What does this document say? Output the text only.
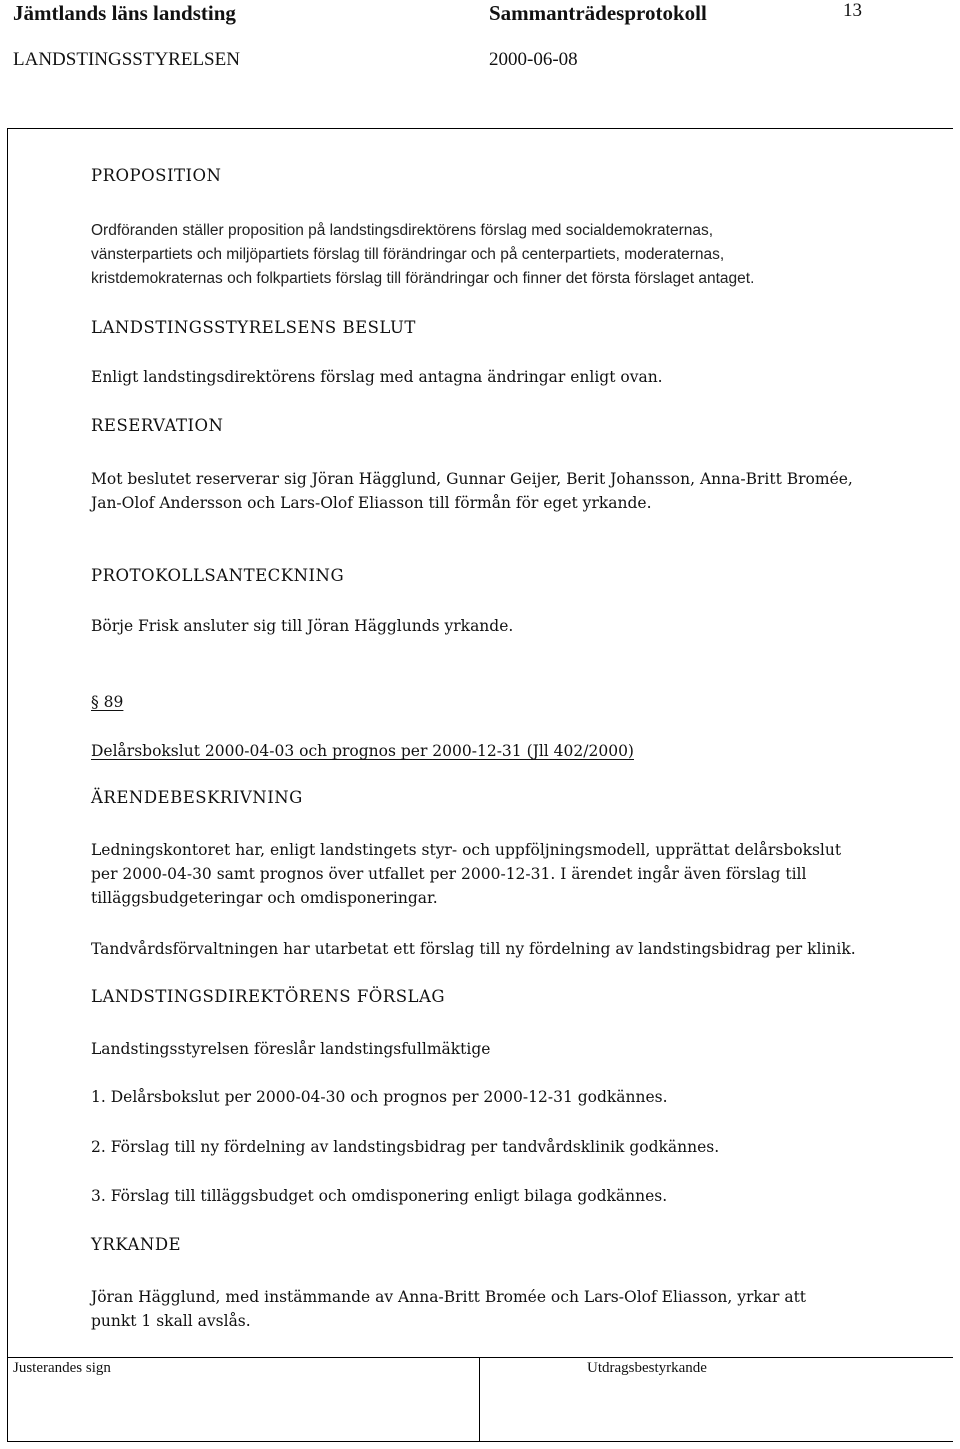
Jämtlands läns landsting	Sammanträdesprotokoll	13
LANDSTINGSSTYRELSEN	2000-06-08
PROPOSITION
Ordföranden ställer proposition på landstingsdirektörens förslag med socialdemokraternas,
vänsterpartiets och miljöpartiets förslag till förändringar och på centerpartiets, moderaternas,
kristdemokraternas och folkpartiets förslag till förändringar och finner det första förslaget antaget.
LANDSTINGSSTYRELSENS BESLUT
Enligt landstingsdirektörens förslag med antagna ändringar enligt ovan.
RESERVATION
Mot beslutet reserverar sig Jöran Hägglund, Gunnar Geijer, Berit Johansson, Anna-Britt Bromée,
Jan-Olof Andersson och Lars-Olof Eliasson till förmån för eget yrkande.
PROTOKOLLSANTECKNING
Börje Frisk ansluter sig till Jöran Hägglunds yrkande.
§ 89
Delårsbokslut 2000-04-03 och prognos per 2000-12-31 (Jll 402/2000)
ÄRENDEBESKRIVNING
Ledningskontoret har, enligt landstingets styr- och uppföljningsmodell, upprättat delårsbokslut
per 2000-04-30 samt prognos över utfallet per 2000-12-31. I ärendet ingår även förslag till
tilläggsbudgeteringar och omdisponeringar.
Tandvårdsförvaltningen har utarbetat ett förslag till ny fördelning av landstingsbidrag per klinik.
LANDSTINGSDIREKTÖRENS FÖRSLAG
Landstingsstyrelsen föreslår landstingsfullmäktige
1. Delårsbokslut per 2000-04-30 och prognos per 2000-12-31 godkännes.
2. Förslag till ny fördelning av landstingsbidrag per tandvårdsklinik godkännes.
3. Förslag till tilläggsbudget och omdisponering enligt bilaga godkännes.
YRKANDE
Jöran Hägglund, med instämmande av Anna-Britt Bromée och Lars-Olof Eliasson, yrkar att
punkt 1 skall avslås.
Justerandes sign	Utdragsbestyrkande
